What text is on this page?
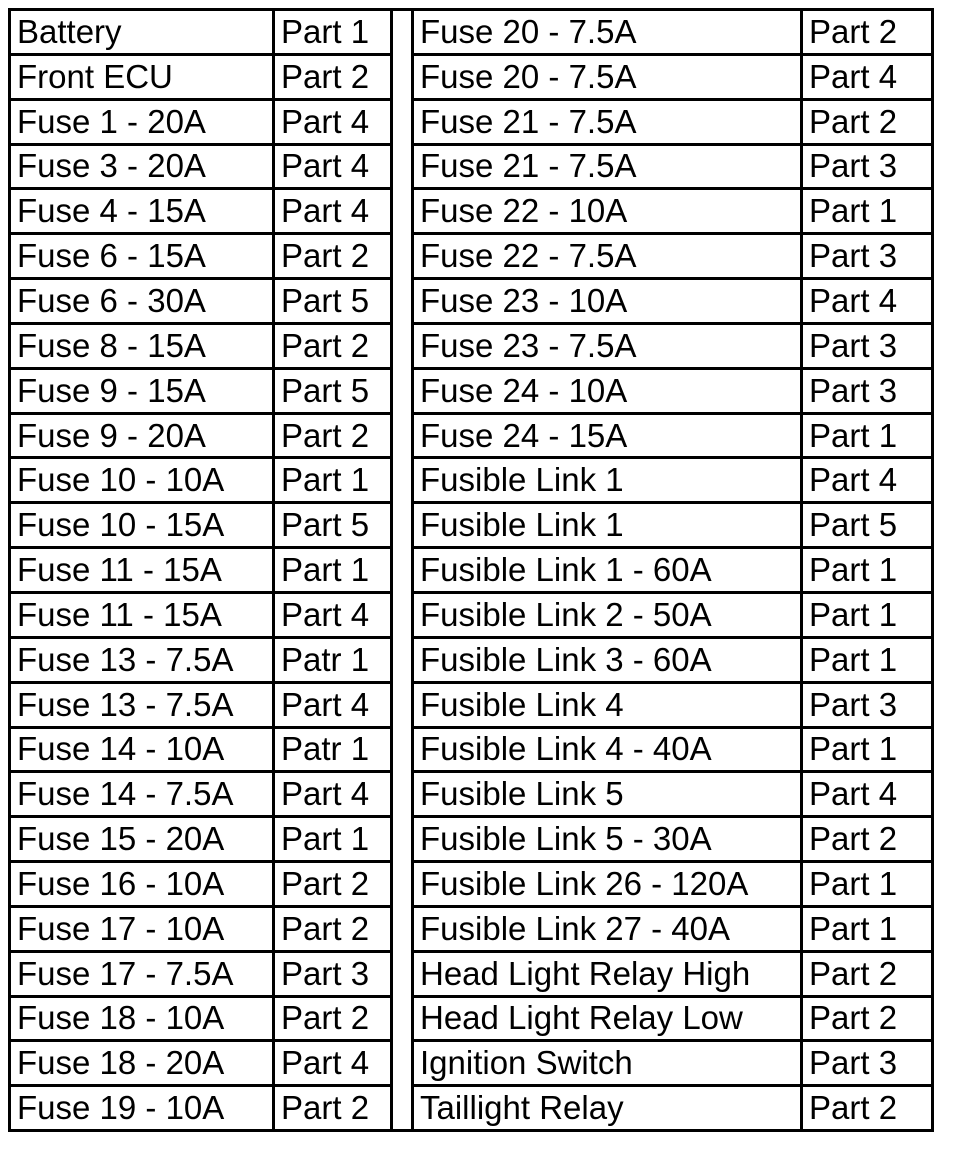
Battery	Part 1
Front ECU	Part 2
Fuse 1 - 20A	Part 4
Fuse 3 - 20A	Part 4
Fuse 4 - 15A	Part 4
Fuse 6 - 15A	Part 2
Fuse 6 - 30A	Part 5
Fuse 8 - 15A	Part 2
Fuse 9 - 15A	Part 5
Fuse 9 - 20A	Part 2
Fuse 10 - 10A	Part 1
Fuse 10 - 15A	Part 5
Fuse 11 - 15A	Part 1
Fuse 11 - 15A	Part 4
Fuse 13 - 7.5A	Patr 1
Fuse 13 - 7.5A	Part 4
Fuse 14 - 10A	Patr 1
Fuse 14 - 7.5A	Part 4
Fuse 15 - 20A	Part 1
Fuse 16 - 10A	Part 2
Fuse 17 - 10A	Part 2
Fuse 17 - 7.5A	Part 3
Fuse 18 - 10A	Part 2
Fuse 18 - 20A	Part 4
Fuse 19 - 10A	Part 2
Fuse 20 - 7.5A	Part 2
Fuse 20 - 7.5A	Part 4
Fuse 21 - 7.5A	Part 2
Fuse 21 - 7.5A	Part 3
Fuse 22 - 10A	Part 1
Fuse 22 - 7.5A	Part 3
Fuse 23 - 10A	Part 4
Fuse 23 - 7.5A	Part 3
Fuse 24 - 10A	Part 3
Fuse 24 - 15A	Part 1
Fusible Link 1	Part 4
Fusible Link 1	Part 5
Fusible Link 1 - 60A	Part 1
Fusible Link 2 - 50A	Part 1
Fusible Link 3 - 60A	Part 1
Fusible Link 4	Part 3
Fusible Link 4 - 40A	Part 1
Fusible Link 5	Part 4
Fusible Link 5 - 30A	Part 2
Fusible Link 26 - 120A	Part 1
Fusible Link 27 - 40A	Part 1
Head Light Relay High	Part 2
Head Light Relay Low	Part 2
Ignition Switch	Part 3
Taillight Relay	Part 2
